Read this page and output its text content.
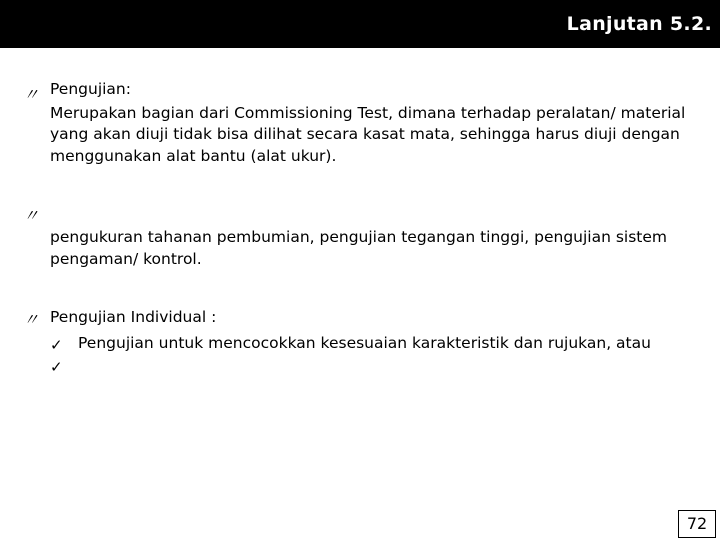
Lanjutan 5.2.
〃 Pengujian:
Merupakan bagian dari Commissioning Test, dimana terhadap peralatan/ material
yang akan diuji tidak bisa dilihat secara kasat mata, sehingga harus diuji dengan
menggunakan alat bantu (alat ukur).
〃
pengukuran tahanan pembumian, pengujian tegangan tinggi, pengujian sistem
pengaman/ kontrol.
〃 Pengujian Individual :
✓ Pengujian untuk mencocokkan kesesuaian karakteristik dan rujukan, atau
✓
72
